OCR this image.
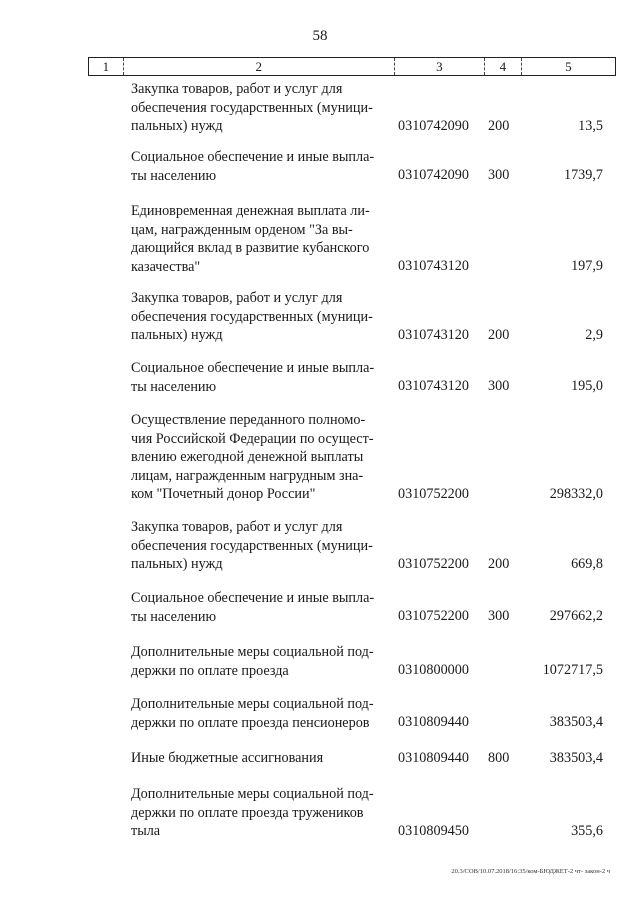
58
1	2	3	4	5
Закупка товаров, работ и услуг для
обеспечения государственных (муници-
пальных) нужд	0310742090 200	13,5
Социальное обеспечение и иные выпла-
ты населению	0310742090 300	1739,7
Единовременная денежная выплата ли-
цам, награжденным орденом "За вы-
дающийся вклад в развитие кубанского
казачества"	0310743120	197,9
Закупка товаров, работ и услуг для
обеспечения государственных (муници-
пальных) нужд	0310743120 200	2,9
Социальное обеспечение и иные выпла-
ты населению	0310743120 300	195,0
Осуществление переданного полномо-
чия Российской Федерации по осущест-
влению ежегодной денежной выплаты
лицам, награжденным нагрудным зна-
ком "Почетный донор России"	0310752200	298332,0
Закупка товаров, работ и услуг для
обеспечения государственных (муници-
пальных) нужд	0310752200 200	669,8
Социальное обеспечение и иные выпла-
ты населению	0310752200 300	297662,2
Дополнительные меры социальной под-
держки по оплате проезда	0310800000	1072717,5
Дополнительные меры социальной под-
держки по оплате проезда пенсионеров	0310809440	383503,4
Иные бюджетные ассигнования	0310809440 800	383503,4
Дополнительные меры социальной под-
держки по оплате проезда тружеников
тыла	0310809450	355,6
20.3/СОВ/10.07.2018/16:35/ком-БЮДЖЕТ-2 чт- закон-2 ч
